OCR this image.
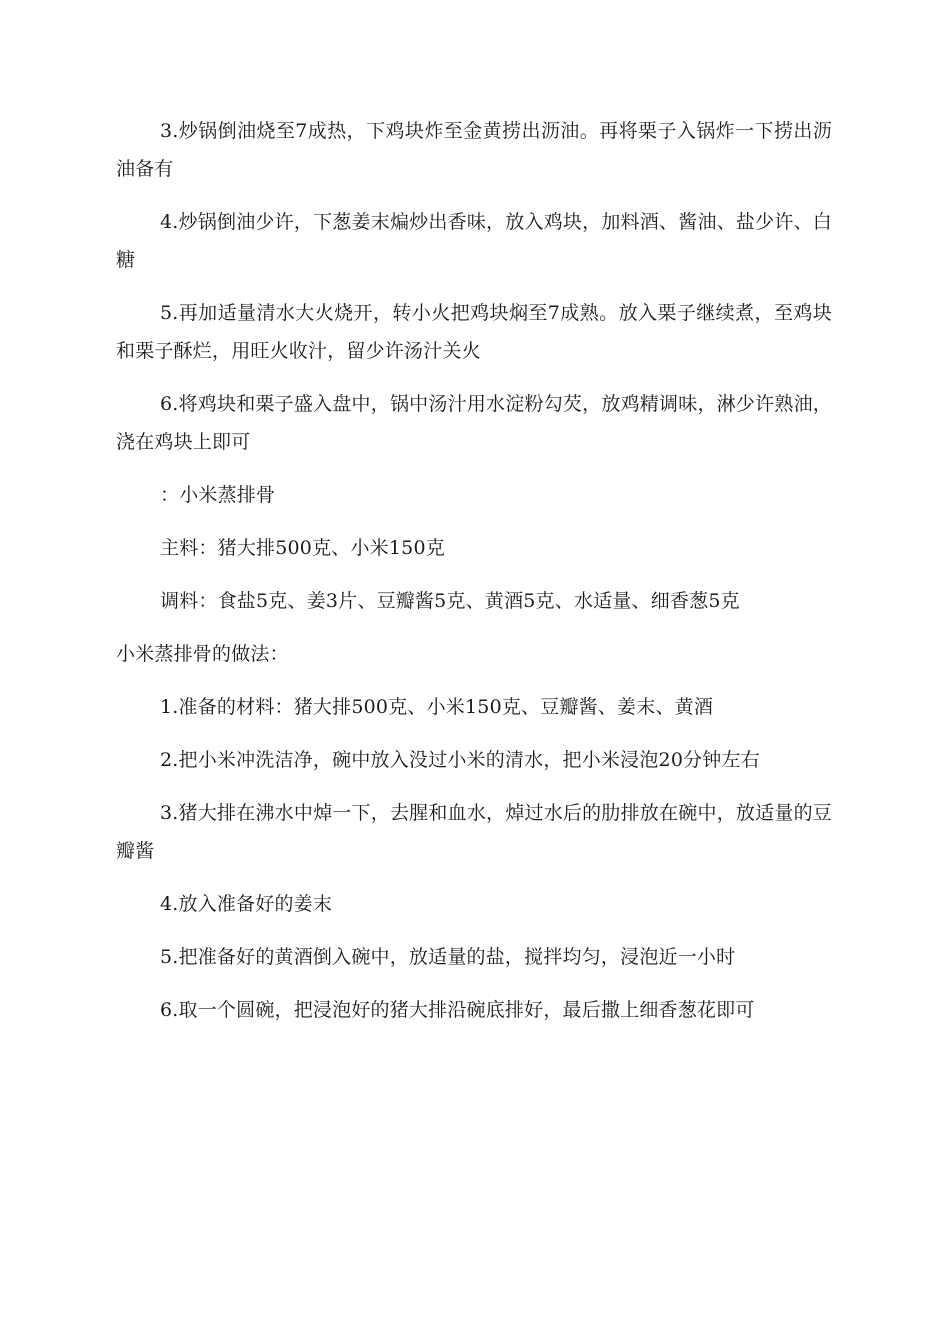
3.炒锅倒油烧至7成热，下鸡块炸至金黄捞出沥油。再将栗子入锅炸一下捞出沥油备有

4.炒锅倒油少许，下葱姜末煸炒出香味，放入鸡块，加料酒、酱油、盐少许、白糖

5.再加适量清水大火烧开，转小火把鸡块焖至7成熟。放入栗子继续煮，至鸡块和栗子酥烂，用旺火收汁，留少许汤汁关火

6.将鸡块和栗子盛入盘中，锅中汤汁用水淀粉勾芡，放鸡精调味，淋少许熟油，浇在鸡块上即可

：小米蒸排骨

主料：猪大排500克、小米150克

调料：食盐5克、姜3片、豆瓣酱5克、黄酒5克、水适量、细香葱5克

小米蒸排骨的做法：

1.准备的材料：猪大排500克、小米150克、豆瓣酱、姜末、黄酒

2.把小米冲洗洁净，碗中放入没过小米的清水，把小米浸泡20分钟左右

3.猪大排在沸水中焯一下，去腥和血水，焯过水后的肋排放在碗中，放适量的豆瓣酱

4.放入准备好的姜末

5.把准备好的黄酒倒入碗中，放适量的盐，搅拌均匀，浸泡近一小时

6.取一个圆碗，把浸泡好的猪大排沿碗底排好，最后撒上细香葱花即可
